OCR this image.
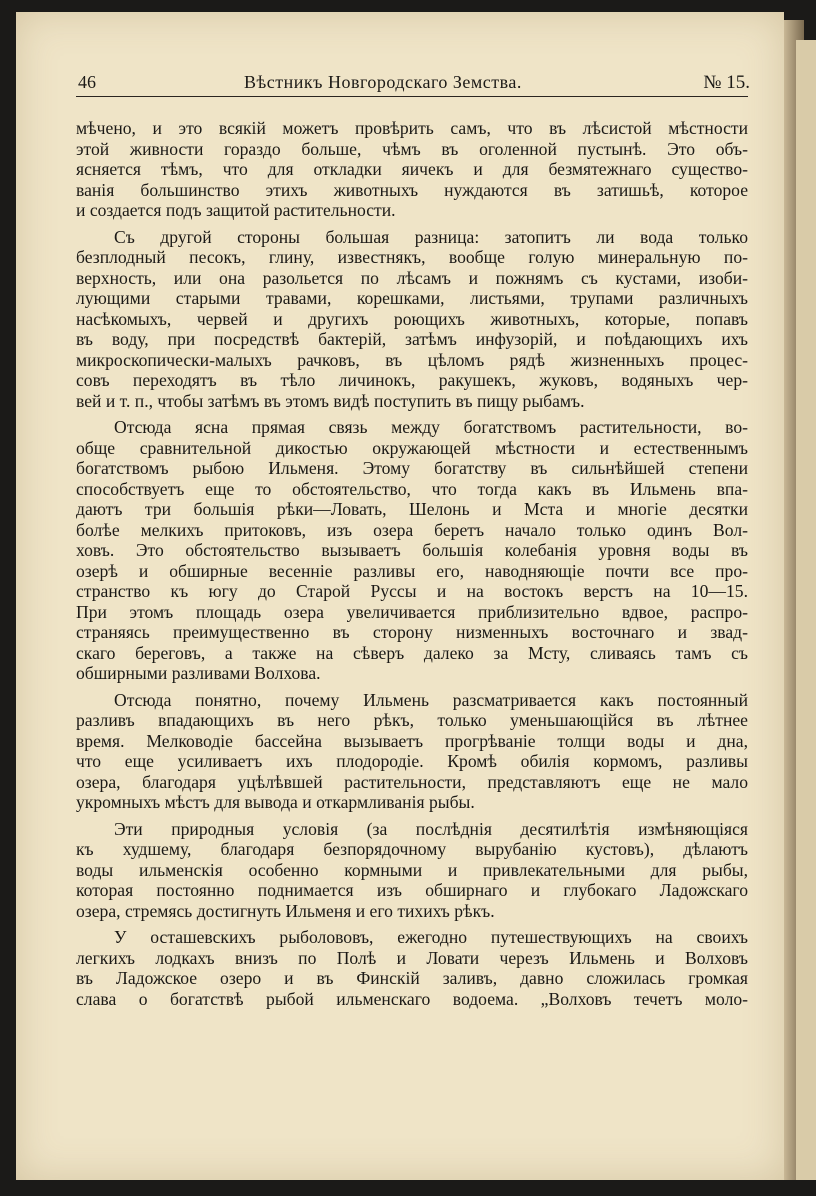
46	Вѣстникъ Новгородскаго Земства.	№ 15.
мѣчено, и это всякій можетъ провѣрить самъ, что въ лѣсистой мѣстности
этой живности гораздо больше, чѣмъ въ оголенной пустынѣ. Это объ-
ясняется тѣмъ, что для откладки яичекъ и для безмятежнаго существо-
ванія большинство этихъ животныхъ нуждаются въ затишьѣ, которое
и создается подъ защитой растительности.
Съ другой стороны большая разница: затопитъ ли вода только
безплодный песокъ, глину, известнякъ, вообще голую минеральную по-
верхность, или она разольется по лѣсамъ и пожнямъ съ кустами, изоби-
лующими старыми травами, корешками, листьями, трупами различныхъ
насѣкомыхъ, червей и другихъ роющихъ животныхъ, которые, попавъ
въ воду, при посредствѣ бактерій, затѣмъ инфузорій, и поѣдающихъ ихъ
микроскопически-малыхъ рачковъ, въ цѣломъ рядѣ жизненныхъ процес-
совъ переходятъ въ тѣло личинокъ, ракушекъ, жуковъ, водяныхъ чер-
вей и т. п., чтобы затѣмъ въ этомъ видѣ поступить въ пищу рыбамъ.
Отсюда ясна прямая связь между богатствомъ растительности, во-
обще сравнительной дикостью окружающей мѣстности и естественнымъ
богатствомъ рыбою Ильменя. Этому богатству въ сильнѣйшей степени
способствуетъ еще то обстоятельство, что тогда какъ въ Ильмень впа-
даютъ три большія рѣки—Ловать, Шелонь и Мста и многіе десятки
болѣе мелкихъ притоковъ, изъ озера беретъ начало только одинъ Вол-
ховъ. Это обстоятельство вызываетъ большія колебанія уровня воды въ
озерѣ и обширные весенніе разливы его, наводняющіе почти все про-
странство къ югу до Старой Руссы и на востокъ верстъ на 10—15.
При этомъ площадь озера увеличивается приблизительно вдвое, распро-
страняясь преимущественно въ сторону низменныхъ восточнаго и звад-
скаго береговъ, а также на сѣверъ далеко за Мсту, сливаясь тамъ съ
обширными разливами Волхова.
Отсюда понятно, почему Ильмень разсматривается какъ постоянный
разливъ впадающихъ въ него рѣкъ, только уменьшающійся въ лѣтнее
время. Мелководіе бассейна вызываетъ прогрѣваніе толщи воды и дна,
что еще усиливаетъ ихъ плодородіе. Кромѣ обилія кормомъ, разливы
озера, благодаря уцѣлѣвшей растительности, представляютъ еще не мало
укромныхъ мѣстъ для вывода и откармливанія рыбы.
Эти природныя условія (за послѣднія десятилѣтія измѣняющіяся
къ худшему, благодаря безпорядочному вырубанію кустовъ), дѣлаютъ
воды ильменскія особенно кормными и привлекательными для рыбы,
которая постоянно поднимается изъ обширнаго и глубокаго Ладожскаго
озера, стремясь достигнуть Ильменя и его тихихъ рѣкъ.
У осташевскихъ рыболововъ, ежегодно путешествующихъ на своихъ
легкихъ лодкахъ внизъ по Полѣ и Ловати черезъ Ильмень и Волховъ
въ Ладожское озеро и въ Финскій заливъ, давно сложилась громкая
слава о богатствѣ рыбой ильменскаго водоема. „Волховъ течетъ моло-
